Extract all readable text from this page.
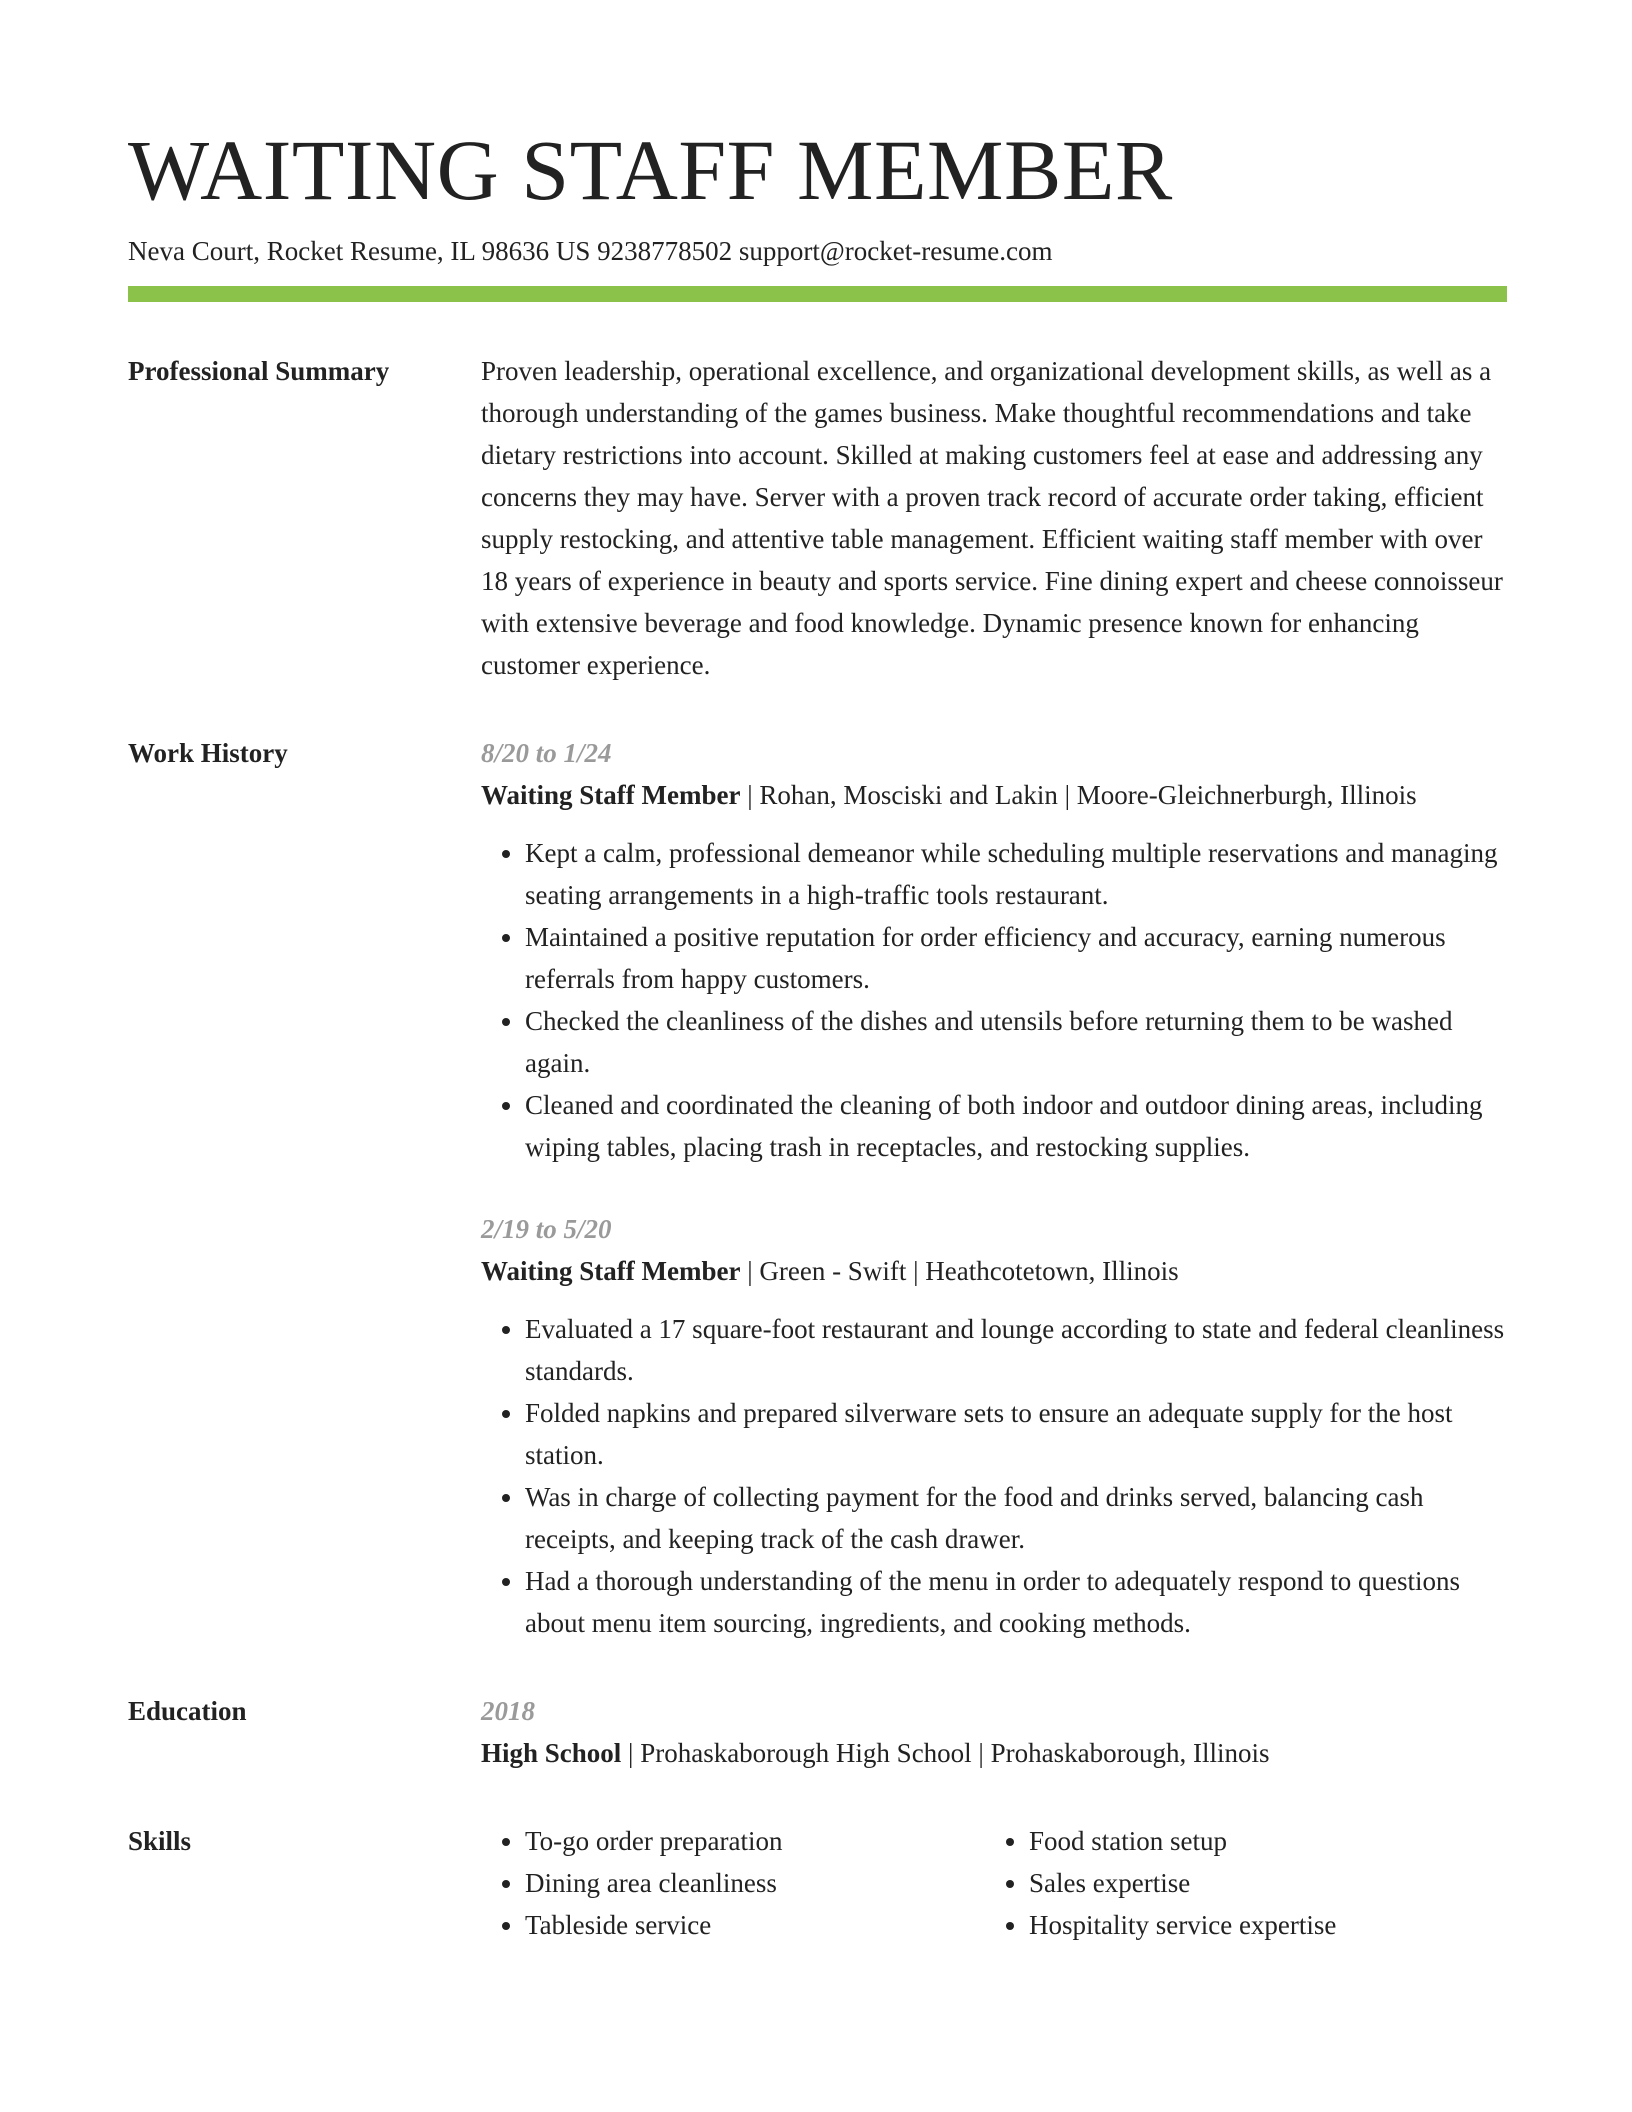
WAITING STAFF MEMBER
Neva Court, Rocket Resume, IL 98636 US 9238778502 support@rocket-resume.com
Professional Summary	Proven leadership, operational excellence, and organizational development skills, as well as a thorough understanding of the games business. Make thoughtful recommendations and take dietary restrictions into account. Skilled at making customers feel at ease and addressing any concerns they may have. Server with a proven track record of accurate order taking, efficient supply restocking, and attentive table management. Efficient waiting staff member with over 18 years of experience in beauty and sports service. Fine dining expert and cheese connoisseur with extensive beverage and food knowledge. Dynamic presence known for enhancing customer experience.

Work History	8/20 to 1/24
Waiting Staff Member | Rohan, Mosciski and Lakin | Moore-Gleichnerburgh, Illinois
• Kept a calm, professional demeanor while scheduling multiple reservations and managing seating arrangements in a high-traffic tools restaurant.
• Maintained a positive reputation for order efficiency and accuracy, earning numerous referrals from happy customers.
• Checked the cleanliness of the dishes and utensils before returning them to be washed again.
• Cleaned and coordinated the cleaning of both indoor and outdoor dining areas, including wiping tables, placing trash in receptacles, and restocking supplies.
2/19 to 5/20
Waiting Staff Member | Green - Swift | Heathcotetown, Illinois
• Evaluated a 17 square-foot restaurant and lounge according to state and federal cleanliness standards.
• Folded napkins and prepared silverware sets to ensure an adequate supply for the host station.
• Was in charge of collecting payment for the food and drinks served, balancing cash receipts, and keeping track of the cash drawer.
• Had a thorough understanding of the menu in order to adequately respond to questions about menu item sourcing, ingredients, and cooking methods.
Education	2018
High School | Prohaskaborough High School | Prohaskaborough, Illinois
Skills
•	To-go order preparation
• Dining area cleanliness
• Tableside service
• Food station setup
• Sales expertise
• Hospitality service expertise
